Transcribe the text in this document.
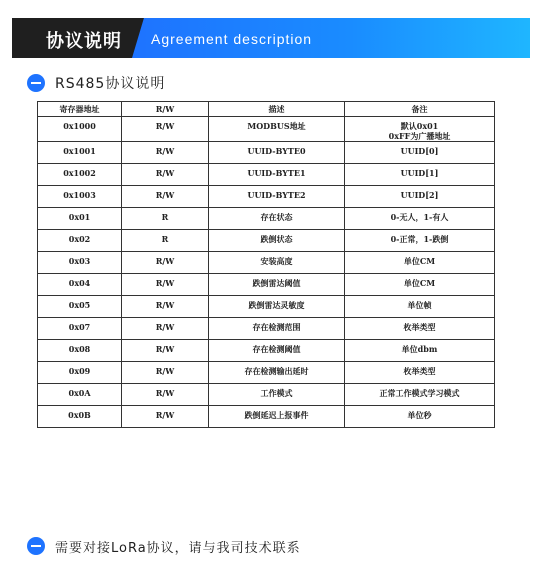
协议说明 Agreement description
RS485协议说明
寄存器地址	R/W	描述	备注
0x1000	R/W	MODBUS地址	默认0x01
0xFF为广播地址

0x1001	R/W	UUID-BYTE0	UUID[0]
0x1002	R/W	UUID-BYTE1	UUID[1]
0x1003	R/W	UUID-BYTE2	UUID[2]
0x01	R	存在状态	0-无人，1-有人
0x02	R	跌倒状态	0-正常，1-跌倒
0x03	R/W	安装高度	单位CM
0x04	R/W	跌倒雷达阈值	单位CM
0x05	R/W	跌倒雷达灵敏度	单位帧
0x07	R/W	存在检测范围	枚举类型
0x08	R/W	存在检测阈值	单位dbm
0x09	R/W	存在检测输出延时	枚举类型
0x0A	R/W	工作模式	正常工作模式学习模式
0x0B	R/W	跌倒延迟上报事件	单位秒
需要对接LoRa协议，请与我司技术联系
